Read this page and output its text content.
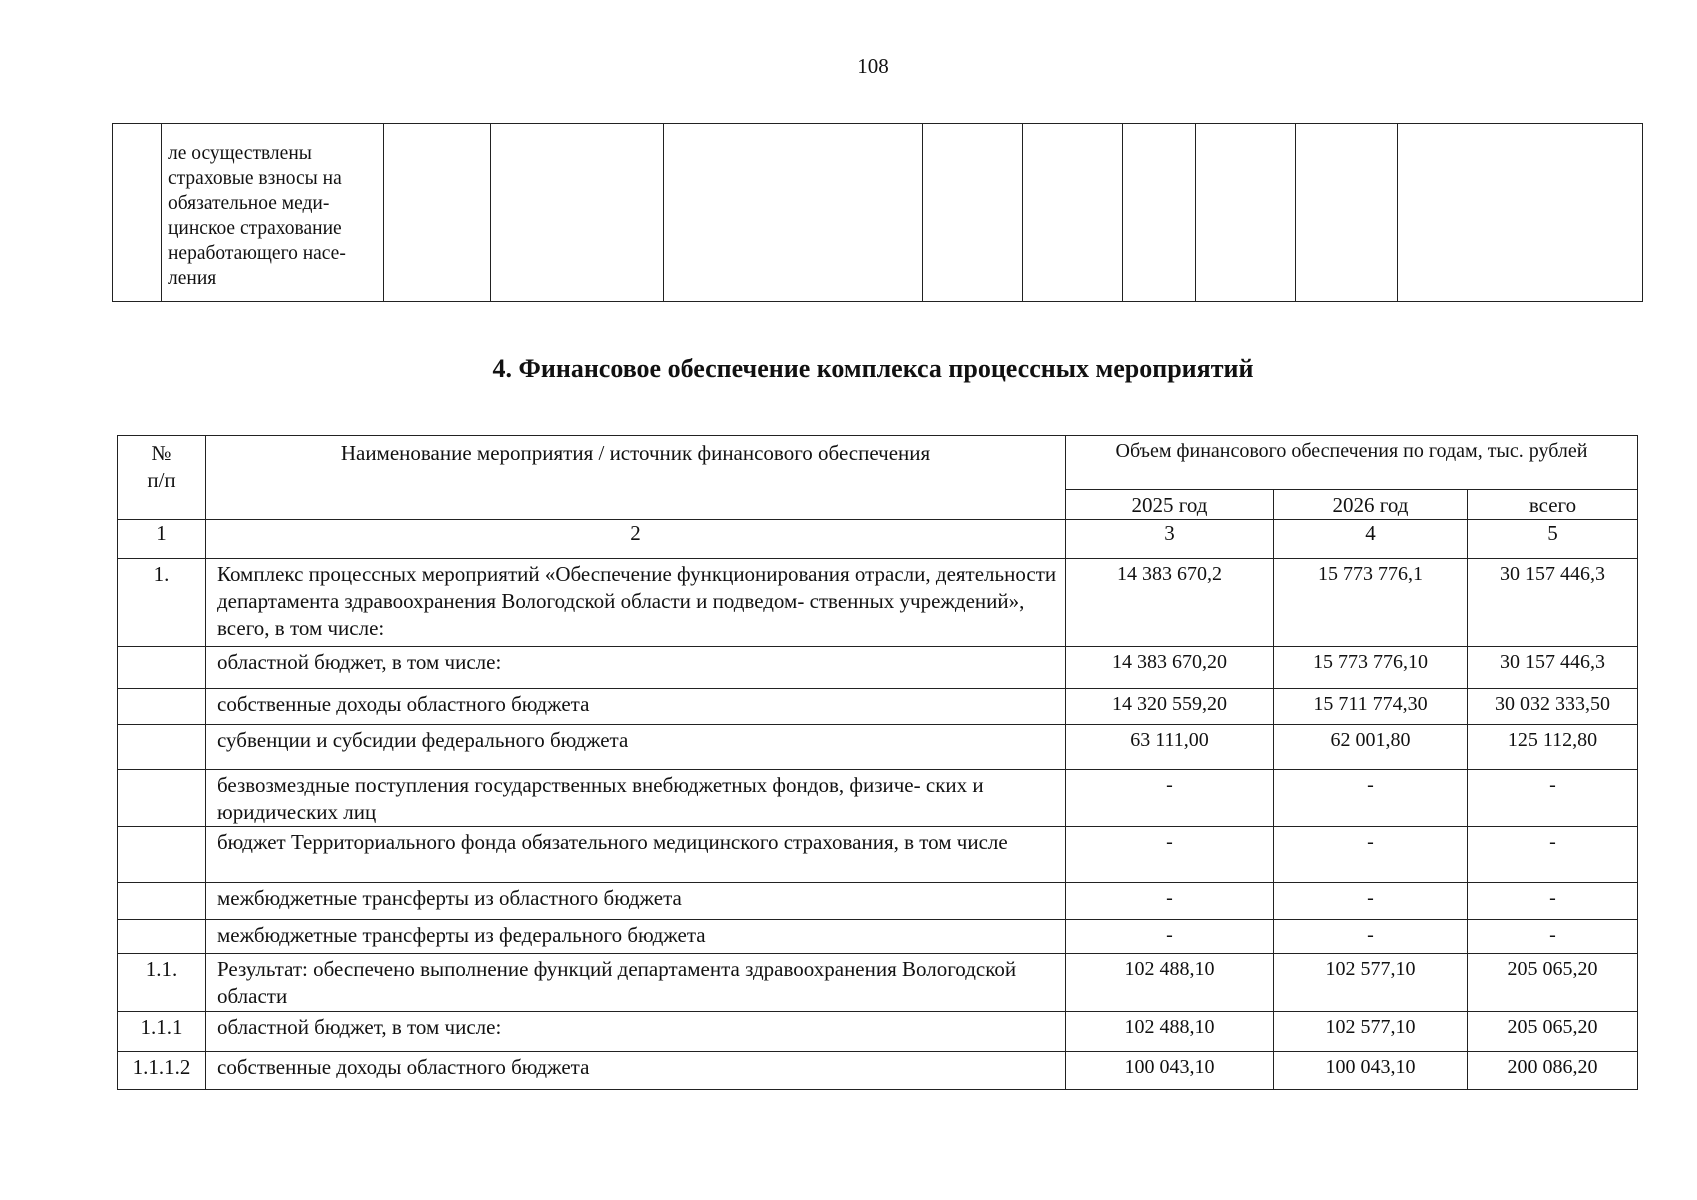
108
	ле осуществлены
страховые взносы на
обязательное меди-
цинское страхование
неработающего насе-
ления									
4. Финансовое обеспечение комплекса процессных мероприятий
№
п/п	Наименование мероприятия / источник финансового обеспечения	Объем финансового обеспечения по годам, тыс. рублей		
		2025 год	2026 год	всего
1	2	3	4	5
1.	Комплекс процессных мероприятий «Обеспечение функционирования отрасли, деятельности департамента здравоохранения Вологодской области и подведом- ственных учреждений», всего, в том числе:	14 383 670,2	15 773 776,1	30 157 446,3
	областной бюджет, в том числе:	14 383 670,20	15 773 776,10	30 157 446,3
	собственные доходы областного бюджета	14 320 559,20	15 711 774,30	30 032 333,50
	субвенции и субсидии федерального бюджета	63 111,00	62 001,80	125 112,80
	безвозмездные поступления государственных внебюджетных фондов, физиче- ских и юридических лиц	-	-	-
	бюджет Территориального фонда обязательного медицинского страхования, в том числе	-	-	-
	межбюджетные трансферты из областного бюджета	-	-	-
	межбюджетные трансферты из федерального бюджета	-	-	-
1.1.	Результат: обеспечено выполнение функций департамента здравоохранения Вологодской области	102 488,10	102 577,10	205 065,20
1.1.1	областной бюджет, в том числе:	102 488,10	102 577,10	205 065,20
1.1.1.2	собственные доходы областного бюджета	100 043,10	100 043,10	200 086,20
